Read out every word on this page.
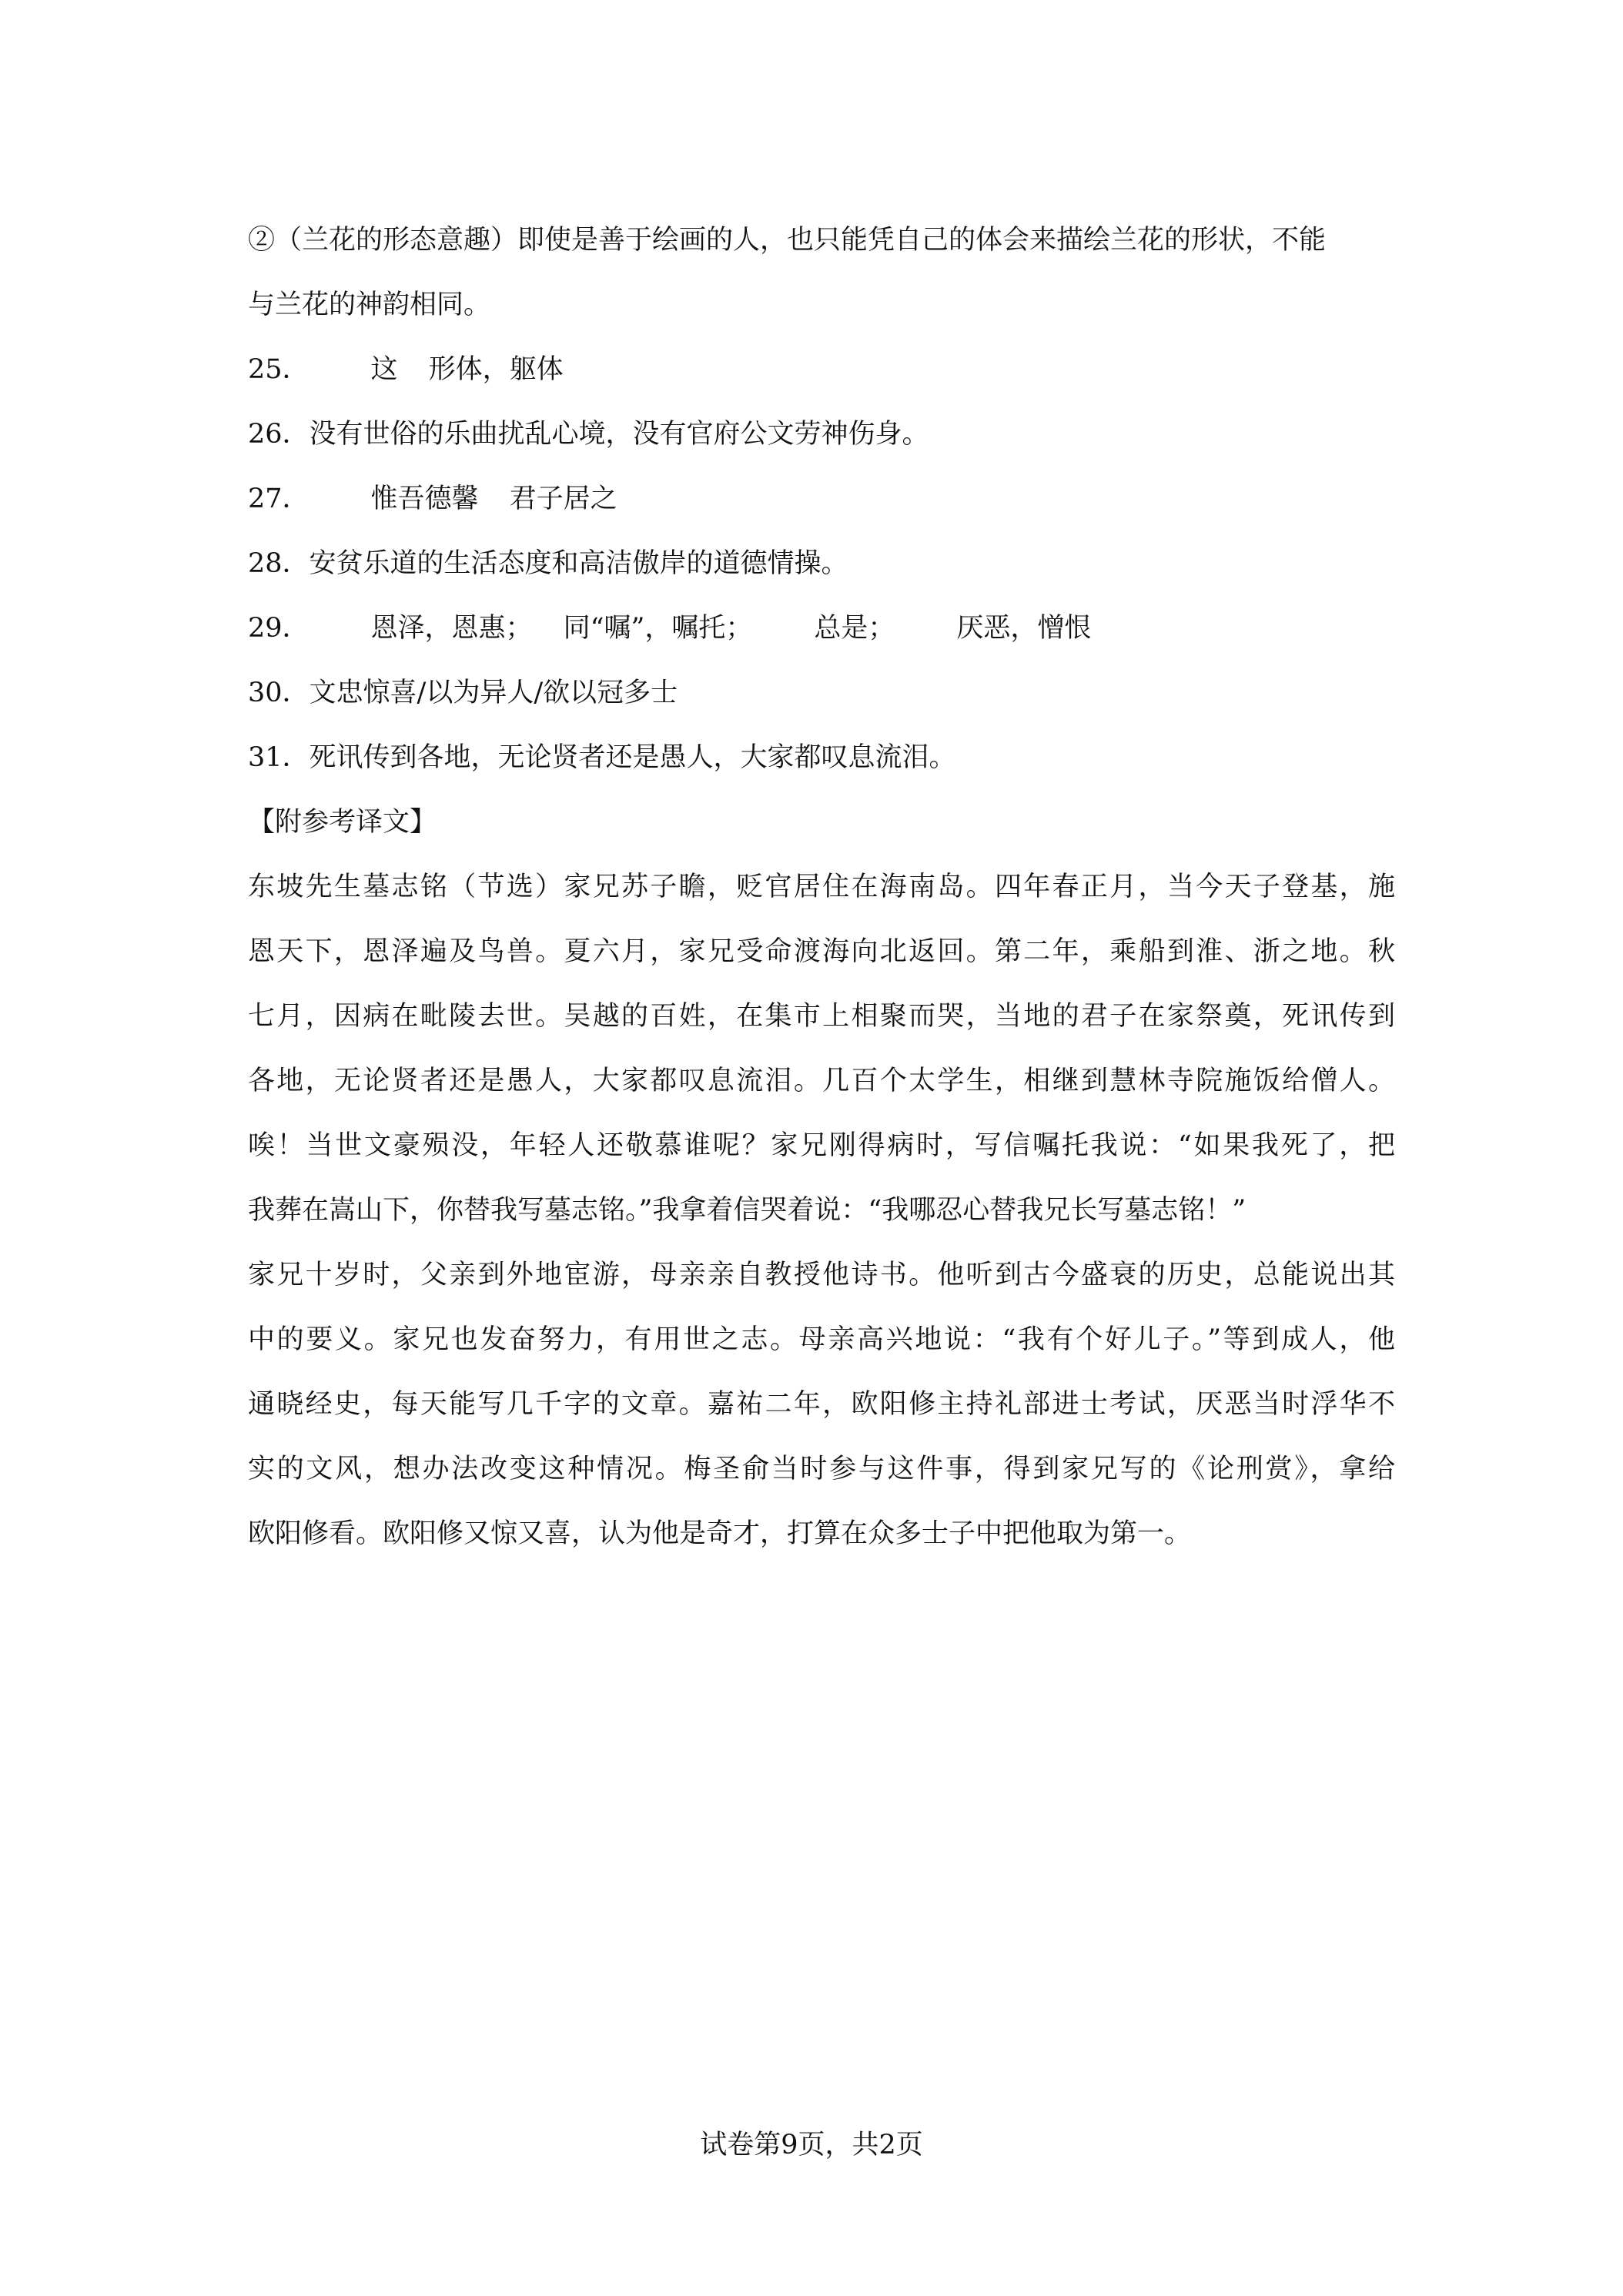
②（兰花的形态意趣）即使是善于绘画的人，也只能凭自己的体会来描绘兰花的形状，不能
与兰花的神韵相同。
25． 这 形体，躯体
26．没有世俗的乐曲扰乱心境，没有官府公文劳神伤身。
27． 惟吾德馨 君子居之
28．安贫乐道的生活态度和高洁傲岸的道德情操。
29． 恩泽，恩惠； 同“嘱”，嘱托； 总是； 厌恶，憎恨
30．文忠惊喜/以为异人/欲以冠多士
31．死讯传到各地，无论贤者还是愚人，大家都叹息流泪。
【附参考译文】
东坡先生墓志铭（节选）家兄苏子瞻，贬官居住在海南岛。四年春正月，当今天子登基，施
恩天下，恩泽遍及鸟兽。夏六月，家兄受命渡海向北返回。第二年，乘船到淮、浙之地。秋
七月，因病在毗陵去世。吴越的百姓，在集市上相聚而哭，当地的君子在家祭奠，死讯传到
各地，无论贤者还是愚人，大家都叹息流泪。几百个太学生，相继到慧林寺院施饭给僧人。
唉！当世文豪殒没，年轻人还敬慕谁呢？家兄刚得病时，写信嘱托我说：“如果我死了，把
我葬在嵩山下，你替我写墓志铭。”我拿着信哭着说：“我哪忍心替我兄长写墓志铭！”
家兄十岁时，父亲到外地宦游，母亲亲自教授他诗书。他听到古今盛衰的历史，总能说出其
中的要义。家兄也发奋努力，有用世之志。母亲高兴地说：“我有个好儿子。”等到成人，他
通晓经史，每天能写几千字的文章。嘉祐二年，欧阳修主持礼部进士考试，厌恶当时浮华不
实的文风，想办法改变这种情况。梅圣俞当时参与这件事，得到家兄写的《论刑赏》，拿给
欧阳修看。欧阳修又惊又喜，认为他是奇才，打算在众多士子中把他取为第一。
试卷第9页，共2页
